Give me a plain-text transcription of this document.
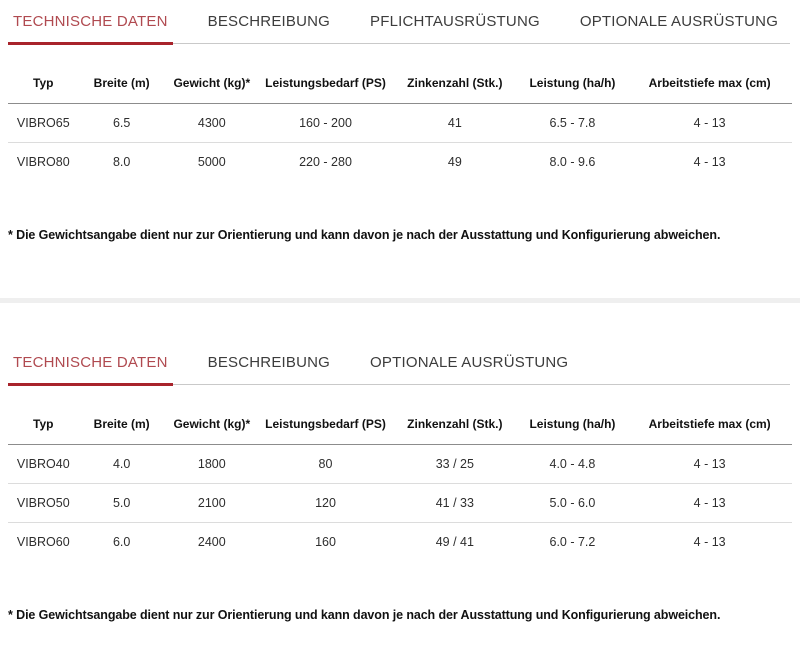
TECHNISCHE DATEN	BESCHREIBUNG	PFLICHTAUSRÜSTUNG	OPTIONALE AUSRÜSTUNG
Typ	Breite (m)	Gewicht (kg)*	Leistungsbedarf (PS)	Zinkenzahl (Stk.)	Leistung (ha/h)	Arbeitstiefe max (cm)
VIBRO65	6.5	4300	160 - 200	41	6.5 - 7.8	4 - 13
VIBRO80	8.0	5000	220 - 280	49	8.0 - 9.6	4 - 13

* Die Gewichtsangabe dient nur zur Orientierung und kann davon je nach der Ausstattung und Konfigurierung abweichen.

TECHNISCHE DATEN	BESCHREIBUNG	OPTIONALE AUSRÜSTUNG
Typ	Breite (m)	Gewicht (kg)*	Leistungsbedarf (PS)	Zinkenzahl (Stk.)	Leistung (ha/h)	Arbeitstiefe max (cm)
VIBRO40	4.0	1800	80	33 / 25	4.0 - 4.8	4 - 13
VIBRO50	5.0	2100	120	41 / 33	5.0 - 6.0	4 - 13
VIBRO60	6.0	2400	160	49 / 41	6.0 - 7.2	4 - 13

* Die Gewichtsangabe dient nur zur Orientierung und kann davon je nach der Ausstattung und Konfigurierung abweichen.
